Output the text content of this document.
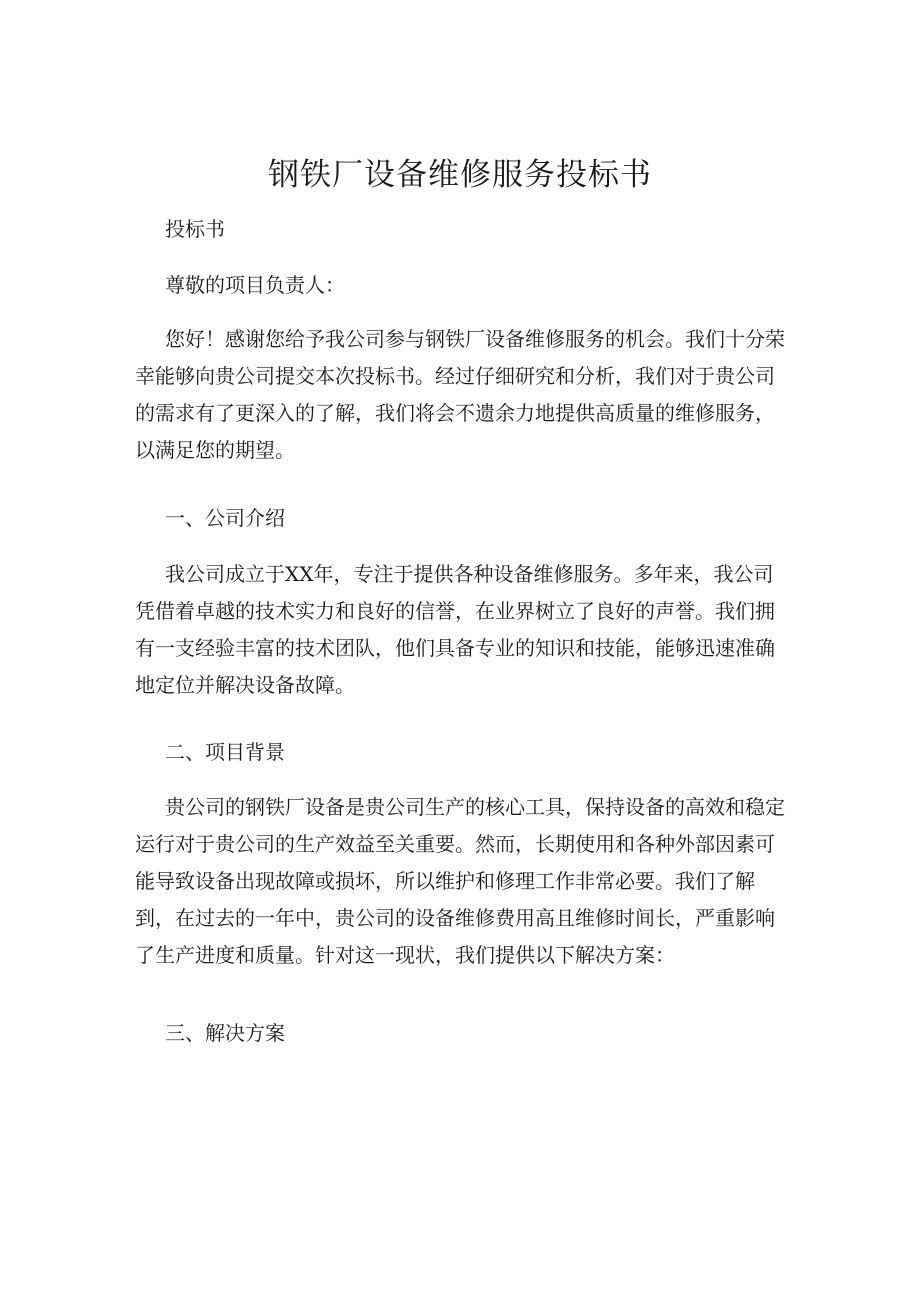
钢铁厂设备维修服务投标书
投标书
尊敬的项目负责人：
您好！感谢您给予我公司参与钢铁厂设备维修服务的机会。我们十分荣
幸能够向贵公司提交本次投标书。经过仔细研究和分析，我们对于贵公司
的需求有了更深入的了解，我们将会不遗余力地提供高质量的维修服务，
以满足您的期望。
一、公司介绍
我公司成立于XX年，专注于提供各种设备维修服务。多年来，我公司
凭借着卓越的技术实力和良好的信誉，在业界树立了良好的声誉。我们拥
有一支经验丰富的技术团队，他们具备专业的知识和技能，能够迅速准确
地定位并解决设备故障。
二、项目背景
贵公司的钢铁厂设备是贵公司生产的核心工具，保持设备的高效和稳定
运行对于贵公司的生产效益至关重要。然而，长期使用和各种外部因素可
能导致设备出现故障或损坏，所以维护和修理工作非常必要。我们了解
到，在过去的一年中，贵公司的设备维修费用高且维修时间长，严重影响
了生产进度和质量。针对这一现状，我们提供以下解决方案：
三、解决方案
